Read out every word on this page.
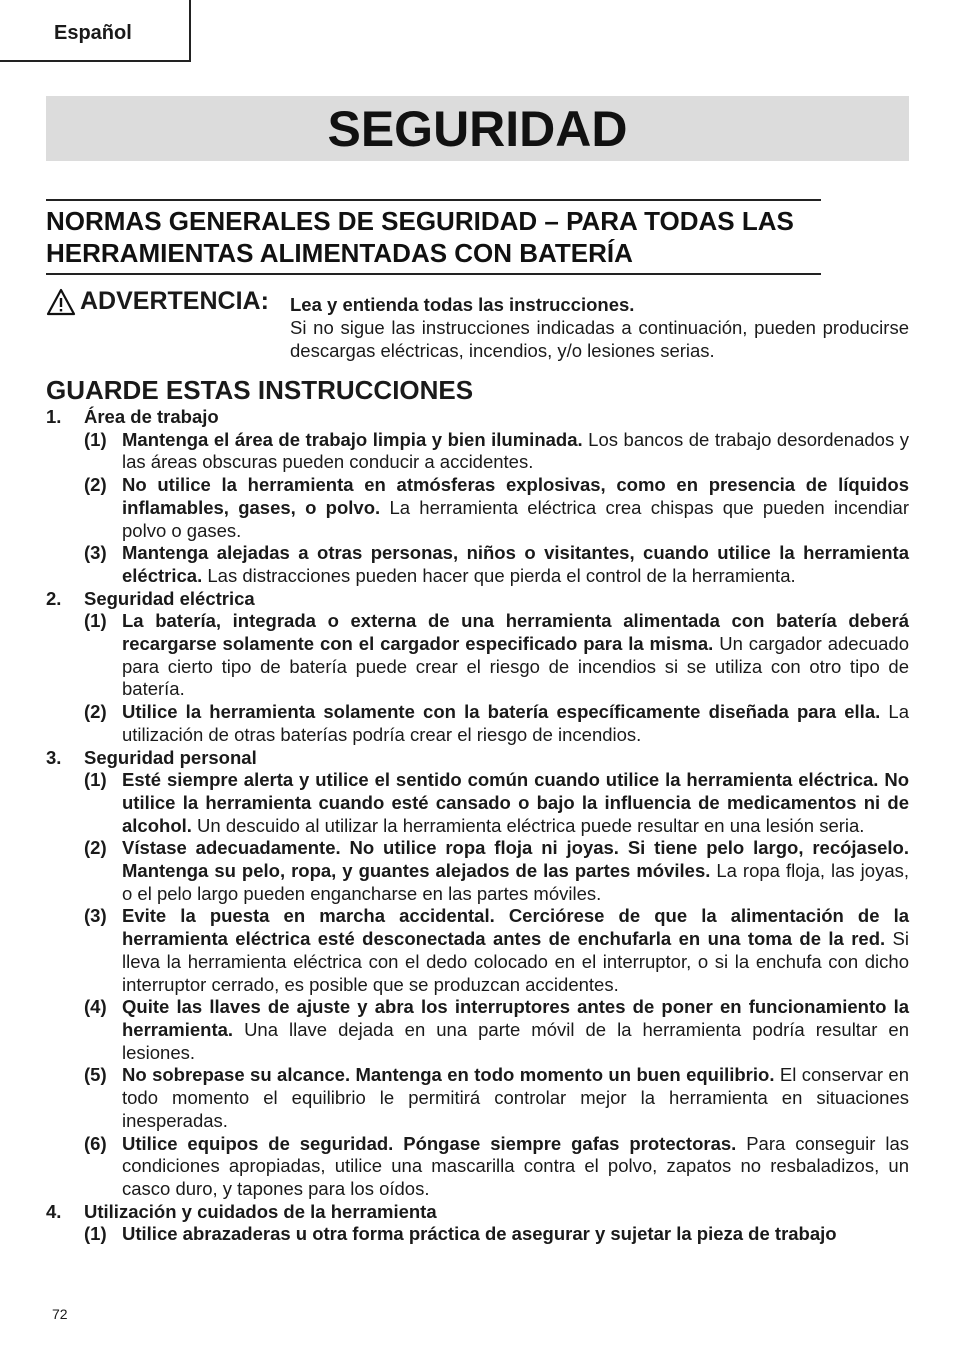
Español
SEGURIDAD
NORMAS GENERALES DE SEGURIDAD – PARA TODAS LAS
HERRAMIENTAS ALIMENTADAS CON BATERÍA
ADVERTENCIA: Lea y entienda todas las instrucciones.
Si no sigue las instrucciones indicadas a continuación, pueden producirse descargas eléctricas, incendios, y/o lesiones serias.
GUARDE ESTAS INSTRUCCIONES
1.	Área de trabajo
(1) Mantenga el área de trabajo limpia y bien iluminada. Los bancos de trabajo desordenados y las áreas obscuras pueden conducir a accidentes.
(2) No utilice la herramienta en atmósferas explosivas, como en presencia de líquidos inflamables, gases, o polvo. La herramienta eléctrica crea chispas que pueden incendiar polvo o gases.
(3) Mantenga alejadas a otras personas, niños o visitantes, cuando utilice la herramienta eléctrica. Las distracciones pueden hacer que pierda el control de la herramienta.
2.	Seguridad eléctrica
(1) La batería, integrada o externa de una herramienta alimentada con batería deberá recargarse solamente con el cargador especificado para la misma. Un cargador adecuado para cierto tipo de batería puede crear el riesgo de incendios si se utiliza con otro tipo de batería.
(2) Utilice la herramienta solamente con la batería específicamente diseñada para ella. La utilización de otras baterías podría crear el riesgo de incendios.
3.	Seguridad personal
(1) Esté siempre alerta y utilice el sentido común cuando utilice la herramienta eléctrica. No utilice la herramienta cuando esté cansado o bajo la influencia de medicamentos ni de alcohol. Un descuido al utilizar la herramienta eléctrica puede resultar en una lesión seria.
(2) Vístase adecuadamente. No utilice ropa floja ni joyas. Si tiene pelo largo, recójaselo. Mantenga su pelo, ropa, y guantes alejados de las partes móviles. La ropa floja, las joyas, o el pelo largo pueden engancharse en las partes móviles.
(3) Evite la puesta en marcha accidental. Cerciórese de que la alimentación de la herramienta eléctrica esté desconectada antes de enchufarla en una toma de la red. Si lleva la herramienta eléctrica con el dedo colocado en el interruptor, o si la enchufa con dicho interruptor cerrado, es posible que se produzcan accidentes.
(4) Quite las llaves de ajuste y abra los interruptores antes de poner en funcionamiento la herramienta. Una llave dejada en una parte móvil de la herramienta podría resultar en lesiones.
(5) No sobrepase su alcance. Mantenga en todo momento un buen equilibrio. El conservar en todo momento el equilibrio le permitirá controlar mejor la herramienta en situaciones inesperadas.
(6) Utilice equipos de seguridad. Póngase siempre gafas protectoras. Para conseguir las condiciones apropiadas, utilice una mascarilla contra el polvo, zapatos no resbaladizos, un casco duro, y tapones para los oídos.
4.	Utilización y cuidados de la herramienta
(1) Utilice abrazaderas u otra forma práctica de asegurar y sujetar la pieza de trabajo
72
